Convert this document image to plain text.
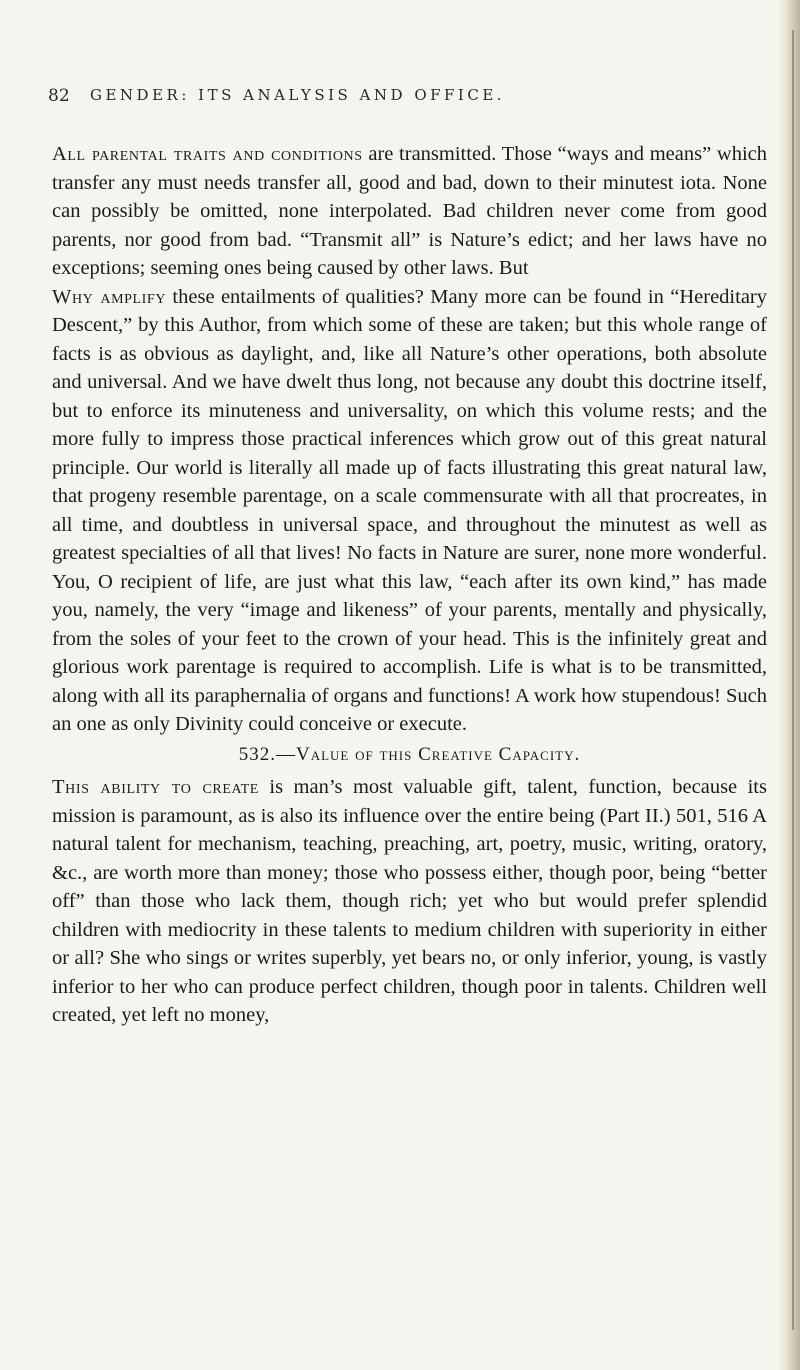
82 GENDER: ITS ANALYSIS AND OFFICE.

All parental traits and conditions are transmitted. Those “ways and means” which transfer any must needs transfer all, good and bad, down to their minutest iota. None can possibly be omitted, none interpolated. Bad children never come from good parents, nor good from bad. “Transmit all” is Nature’s edict; and her laws have no exceptions; seeming ones being caused by other laws. But

Why amplify these entailments of qualities? Many more can be found in “Hereditary Descent,” by this Author, from which some of these are taken; but this whole range of facts is as obvious as daylight, and, like all Nature’s other operations, both absolute and universal. And we have dwelt thus long, not because any doubt this doctrine itself, but to enforce its minuteness and universality, on which this volume rests; and the more fully to impress those practical inferences which grow out of this great natural principle. Our world is literally all made up of facts illustrating this great natural law, that progeny resemble parentage, on a scale commensurate with all that procreates, in all time, and doubtless in universal space, and throughout the minutest as well as greatest specialties of all that lives! No facts in Nature are surer, none more wonderful. You, O recipient of life, are just what this law, “each after its own kind,” has made you, namely, the very “image and likeness” of your parents, mentally and physically, from the soles of your feet to the crown of your head. This is the infinitely great and glorious work parentage is required to accomplish. Life is what is to be transmitted, along with all its paraphernalia of organs and functions! A work how stupendous! Such an one as only Divinity could conceive or execute.

532.—Value of this Creative Capacity.

This ability to create is man’s most valuable gift, talent, function, because its mission is paramount, as is also its influence over the entire being (Part II.) 501, 516 A natural talent for mechanism, teaching, preaching, art, poetry, music, writing, oratory, &c., are worth more than money; those who possess either, though poor, being “better off” than those who lack them, though rich; yet who but would prefer splendid children with mediocrity in these talents to medium children with superiority in either or all? She who sings or writes superbly, yet bears no, or only inferior, young, is vastly inferior to her who can produce perfect children, though poor in talents. Children well created, yet left no money,
